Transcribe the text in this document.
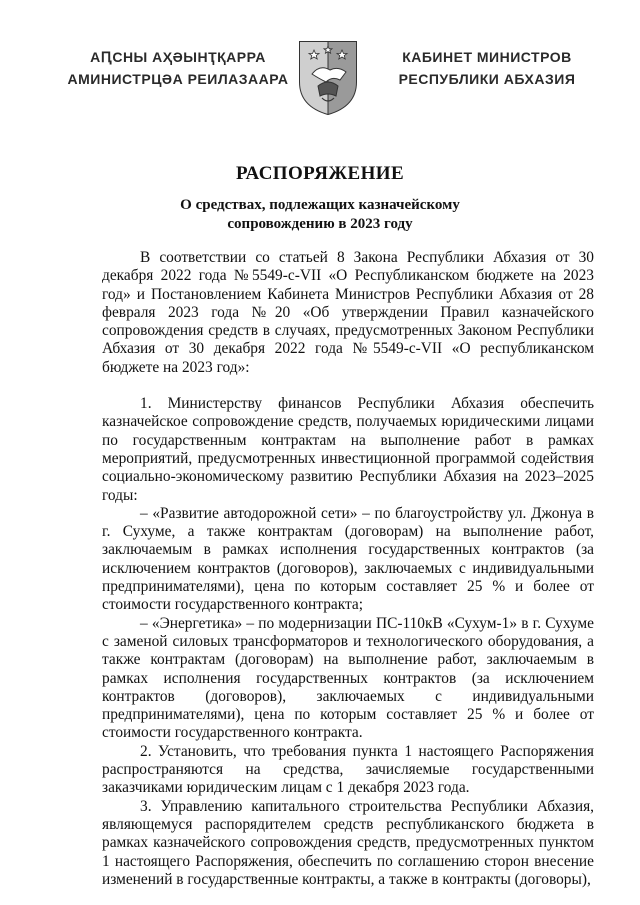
АԤСНЫ АҲӘЫНҬҚАРРА
АМИНИСТРЦӘА РЕИЛАЗААРА
КАБИНЕТ МИНИСТРОВ
РЕСПУБЛИКИ АБХАЗИЯ
РАСПОРЯЖЕНИЕ
О средствах, подлежащих казначейскому
сопровождению в 2023 году

В соответствии со статьей 8 Закона Республики Абхазия от 30 декабря 2022 года №5549-с-VII «О Республиканском бюджете на 2023 год» и Постановлением Кабинета Министров Республики Абхазия от 28 февраля 2023 года №20 «Об утверждении Правил казначейского сопровождения средств в случаях, предусмотренных Законом Республики Абхазия от 30 декабря 2022 года №5549-с-VII «О республиканском бюджете на 2023 год»:

1. Министерству финансов Республики Абхазия обеспечить казначейское сопровождение средств, получаемых юридическими лицами по государственным контрактам на выполнение работ в рамках мероприятий, предусмотренных инвестиционной программой содействия социально-экономическому развитию Республики Абхазия на 2023–2025 годы:

– «Развитие автодорожной сети» – по благоустройству ул. Джонуа в г. Сухуме, а также контрактам (договорам) на выполнение работ, заключаемым в рамках исполнения государственных контрактов (за исключением контрактов (договоров), заключаемых с индивидуальными предпринимателями), цена по которым составляет 25 % и более от стоимости государственного контракта;

– «Энергетика» – по модернизации ПС-110кВ «Сухум-1» в г. Сухуме с заменой силовых трансформаторов и технологического оборудования, а также контрактам (договорам) на выполнение работ, заключаемым в рамках исполнения государственных контрактов (за исключением контрактов (договоров), заключаемых с индивидуальными предпринимателями), цена по которым составляет 25 % и более от стоимости государственного контракта.

2. Установить, что требования пункта 1 настоящего Распоряжения распространяются на средства, зачисляемые государственными заказчиками юридическим лицам с 1 декабря 2023 года.

3. Управлению капитального строительства Республики Абхазия, являющемуся распорядителем средств республиканского бюджета в рамках казначейского сопровождения средств, предусмотренных пунктом 1 настоящего Распоряжения, обеспечить по соглашению сторон внесение изменений в государственные контракты, а также в контракты (договоры),
